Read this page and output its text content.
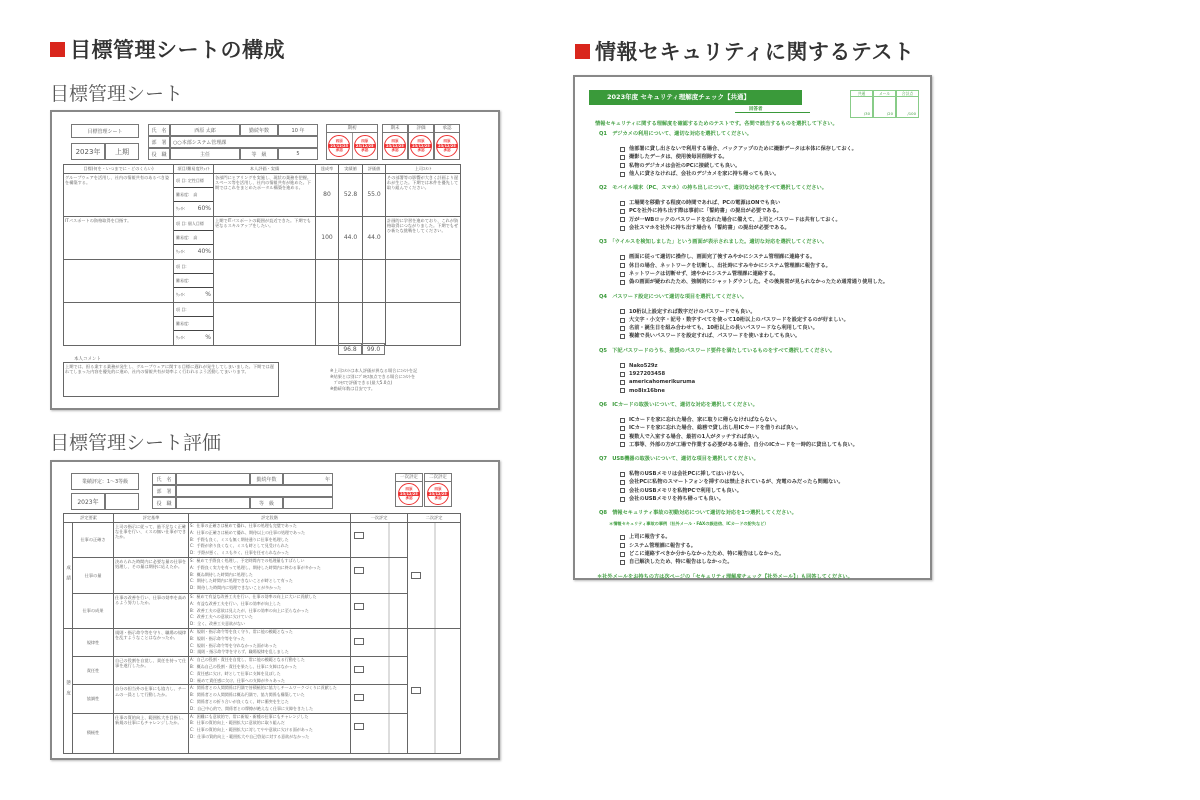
目標管理シートの構成
目標管理シート
目標管理シート評価
目標管理シート
2023年	上期
氏　名	西原 太郎	勤続年数	10 年
部　署	○○本部システム管理課
役　職	主任	等　級	5
期初
西原
23/12/25
承認
西原
23/12/25
承認
期末
西原
23/12/25
承認
評価
西原
23/12/25
承認
承認
西原
23/12/25
承認
目標(何を・いつまでに・どのくらい)	項目/難易度/ｳｪｲﾄ	本人評価・実績	達成率	実績値	評価値	上司ｺﾒﾝﾄ
グループウェアを活用し、社内の情報共有のあるべき姿を構築する。	項 目: 定性目標
難易度:　高
ｳｪｲﾄ: 60%	各部門にヒアリングを実施し、現状の業務を把握。スペース等を活用し、社内の情報共有が進めた。下期ではこれをまとめたポータル構築を進める。	80	52.8	55.0	その部署等の影響が大きく計画より遅れが生じた。下期では本件を優先して取り組んでください。
ITパスポートの資格取得を目指す。	項 目: 個人目標
難易度:　高
ｳｪｲﾄ: 40%	上期でITパスポートの範囲が直近できた。下期でも更なるスキルアップをしたい。	100	44.0	44.0	計画的に学習を進めており、これが資格取得につながりました。下期でもぜひ新たな挑戦をしてください。

	項 目:
難易度:
ｳｪｲﾄ: %					

	項 目:
難易度:
ｳｪｲﾄ: %					

96.8	99.0
本人コメント
上期では、担る業する業務が発生し、グループウェアに関する目標に遅れが発生してしまいました。下期では遅れてしまった内容を優先的に進め、社内の情報共有が効率よく行われるよう活動してまいります。	※上司ｺﾒﾝﾄは本人評価が異なる場合にｺﾒﾝﾄを記
※結果とは別にﾌﾟﾛｾｽ加点できる場合にｺﾒﾝﾄを
　ﾌﾟﾛｾｽで評価できる(最大5.0点)
※勤続年数は目安です。
業績評定：1〜3等級
2023年
氏　名	勤続年数	年
部　署
役　職	等　級
一次評定
西原
23/12/25
承認
二次評定
西原
23/12/25
承認
評定要素		評定基準	評定段階	一次評定	二次評定
成績	仕事の正確さ	上司の指示に従って、過不足なく正確な仕事を行い、ミスの無い仕事ができたか。	S：仕事の正確さは極めて優れ、仕事の処理も完璧であった
A：仕事の正確さは極めて優れ、期待以上の仕事の処理であった
B：手際も良く、ミスも無く期待通りに仕事を処理した
C：手際が余り良くなく、ミスも時として見受けられた
D：手際が悪く、ミスも多く、仕事を任せられなかった		

	仕事の量	決められた時間内に必要な量の仕事を処理し、その量は期待に応えたか。	S：極めて手際良く処理し、予定時間内での処理量もすばらしい
A：手際良く実力を有って処理し、期待した時間内に終わる事が多かった
B：概ね期待した時間内に処理した
C：期待した時間内に処理できないことが時として有った
D：期待した時間内に処理できないことが多かった		

	仕事の成果	仕事の改善を行い、仕事の効率を高めるよう努力したか。	S：極めて有益な改善工夫を行い、仕事の効率の向上に大いに貢献した
A：有益な改善工夫を行い、仕事の効率が向上した
B：改善工夫の意欲は見えたが、仕事の効率の向上に至らなかった
C：改善工夫への意欲に欠けていた
D：全く、改善工夫意欲がない		

態度	規律性	規則・指示命令等を守り、職場の規律を乱すようなことはなかったか。	A：規則・指示命令等を良く守り、常に他の模範となった
B：規則・指示命令等を守った
C：規則・指示命令等を守れなかった面があった
D：規則・指示命令等を守らず、職場規律を乱しました		

	責任性	自己の役割を自覚し、責任を持って仕事を遂行したか。	A：自己の役割・責任を自覚し、常に他の模範となる行動をした
B：概ね自己の役割・責任を果たし、仕事に支障はなかった
C：責任感に欠け、時として仕事に支障を及ぼした
D：極めて責任感に欠け、仕事への支障が多々あった		

	協調性	自分の担当外の仕事にも協力し、チームの一員として行動したか。	A：関係者との人間関係は円満で皆積極的に協力しチームワークづくりに貢献した
B：関係者との人間関係は概ね円満で、協力関係も構築していた
C：関係者との折り合いが良くなく、時に衝突を生じた
D：自己中心的で、関係者との摩擦が絶えなく仕事に支障をきたした		

	積極性	仕事の質的向上、範囲拡大を目指し、新規の仕事にもチャレンジしたか。	A：困難にも意欲的で、常に新規・新種の仕事にもチャレンジした
B：仕事の質的向上・範囲拡大に意欲的に取り組んだ
C：仕事の質的向上・範囲拡大に対してやや意欲に欠ける面があった
D：仕事の質的向上・範囲拡大や自己啓発に対する意欲がなかった		

情報セキュリティに関するテスト
2023年度 セキュリティ理解度チェック【共通】
回答者
共通
/30
メール
/20
合計点
/100
情報セキュリティに関する理解度を確認するためのテストです。各問で該当するものを選択して下さい。
Q1　デジカメの利用について、適切な対応を選択してください。
他部署に貸し出さないで利用する場合、バックアップのために撮影データは本体に保存しておく。
撮影したデータは、使用後毎回削除する。
私物のデジカメは会社のPCに接続しても良い。
他人に貸さなければ、会社のデジカメを家に持ち帰っても良い。
Q2　モバイル端末（PC、スマホ）の持ち出しについて、適切な対応をすべて選択してください。
工場間を移動する程度の時間であれば、PCの電源はONでも良い
PCを社外に持ち出す際は事前に「誓約書」の提出が必要である。
万が一WBロックのパスワードを忘れた場合に備えて、上司とパスワードは共有しておく。
会社スマホを社外に持ち出す場合も「誓約書」の提出が必要である。
Q3　「ウイルスを検知しました」という画面が表示されました。適切な対応を選択してください。
画面に従って適切に操作し、画面完了後すみやかにシステム管理課に連絡する。
休日の場合、ネットワークを切断し、出社時にすみやかにシステム管理課に報告する。
ネットワークは切断せず、速やかにシステム管理課に連絡する。
偽の画面が疑われたため、強制的にシャットダウンした。その後異常が見られなかったため通常通り使用した。
Q4　パスワード設定について適切な項目を選択してください。
10桁以上設定すれば数字だけのパスワードでも良い。
大文字・小文字・記号・数字すべてを使って10桁以上のパスワードを設定するのが好ましい。
名前・誕生日を組み合わせても、10桁以上の長いパスワードなら利用して良い。
複雑で長いパスワードを設定すれば、パスワードを使いまわしても良い。
Q5　下記パスワードのうち、推奨のパスワード要件を満たしているものをすべて選択してください。
Nako529z
1927203458
americahomerikuruma
mo8ix16bne
Q6　ICカードの取扱いについて、適切な対応を選択してください。
ICカードを家に忘れた場合、家に取りに帰らなければならない。
ICカードを家に忘れた場合、総務で貸し出し用ICカードを借りれば良い。
複数人で入室する場合、最初の1人がタッチすれば良い。
工事等、外部の方が工場で作業する必要がある場合、自分のICカードを一時的に貸出しても良い。
Q7　USB機器の取扱いについて、適切な項目を選択してください。
私物のUSBメモリは会社PCに挿してはいけない。
会社PCに私物のスマートフォンを挿すのは禁止されているが、充電のみだったら問題ない。
会社のUSBメモリを私物PCで利用しても良い。
会社のUSBメモリを持ち帰っても良い。
Q8　情報セキュリティ事故の初動対応について適切な対応を1つ選択してください。
＊情報セキュリティ事故の事例（社外メール・FAXの誤送信、ICカードの紛失など）
上司に報告する。
システム管理課に報告する。
どこに連絡すべきか分からなかったため、特に報告はしなかった。
自己解決したため、特に報告はしなかった。
＊社外メールをお持ちの方は次ページの「セキュリティ理解度チェック【社外メール】」も回答してください。
